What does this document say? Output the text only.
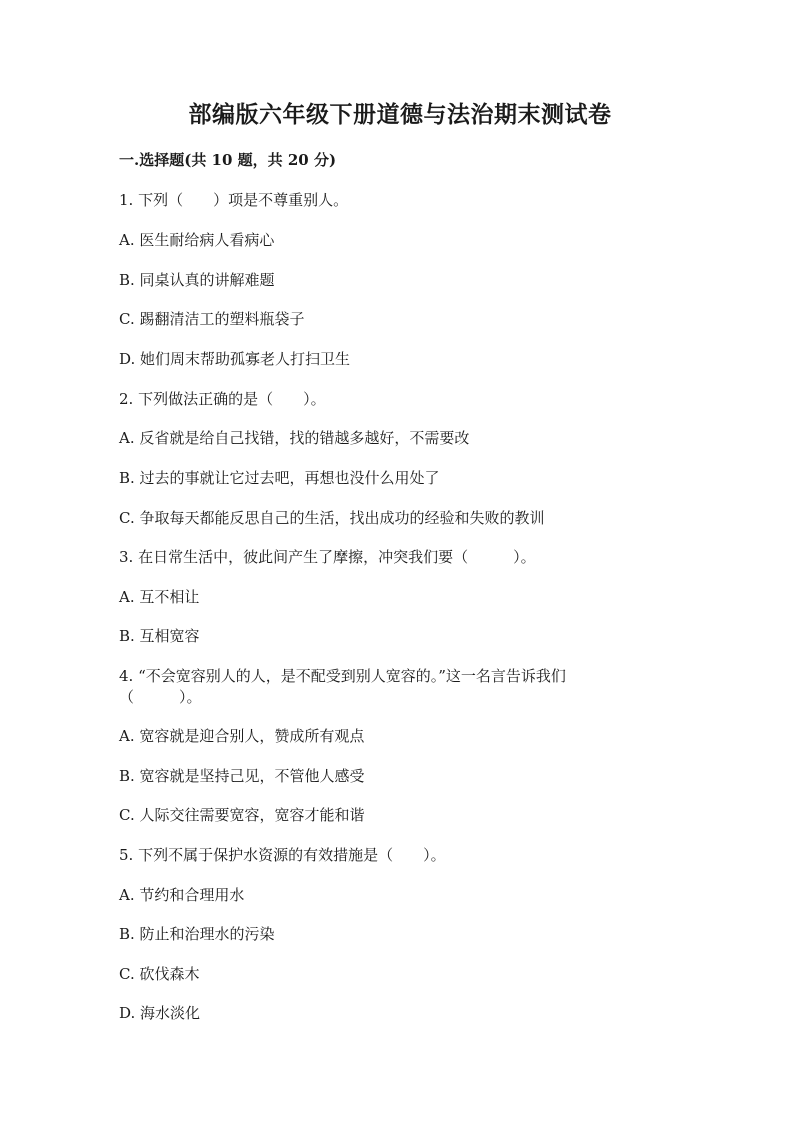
部编版六年级下册道德与法治期末测试卷
一.选择题(共 10 题，共 20 分)
1. 下列（　　）项是不尊重别人。
A. 医生耐给病人看病心
B. 同桌认真的讲解难题
C. 踢翻清洁工的塑料瓶袋子
D. 她们周末帮助孤寡老人打扫卫生
2. 下列做法正确的是（　　）。
A. 反省就是给自己找错，找的错越多越好，不需要改
B. 过去的事就让它过去吧，再想也没什么用处了
C. 争取每天都能反思自己的生活，找出成功的经验和失败的教训
3. 在日常生活中，彼此间产生了摩擦，冲突我们要（　　　）。
A. 互不相让
B. 互相宽容
4. “不会宽容别人的人，是不配受到别人宽容的。”这一名言告诉我们
（　　　）。
A. 宽容就是迎合别人，赞成所有观点
B. 宽容就是坚持己见，不管他人感受
C. 人际交往需要宽容，宽容才能和谐
5. 下列不属于保护水资源的有效措施是（　　）。
A. 节约和合理用水
B. 防止和治理水的污染
C. 砍伐森木
D. 海水淡化
